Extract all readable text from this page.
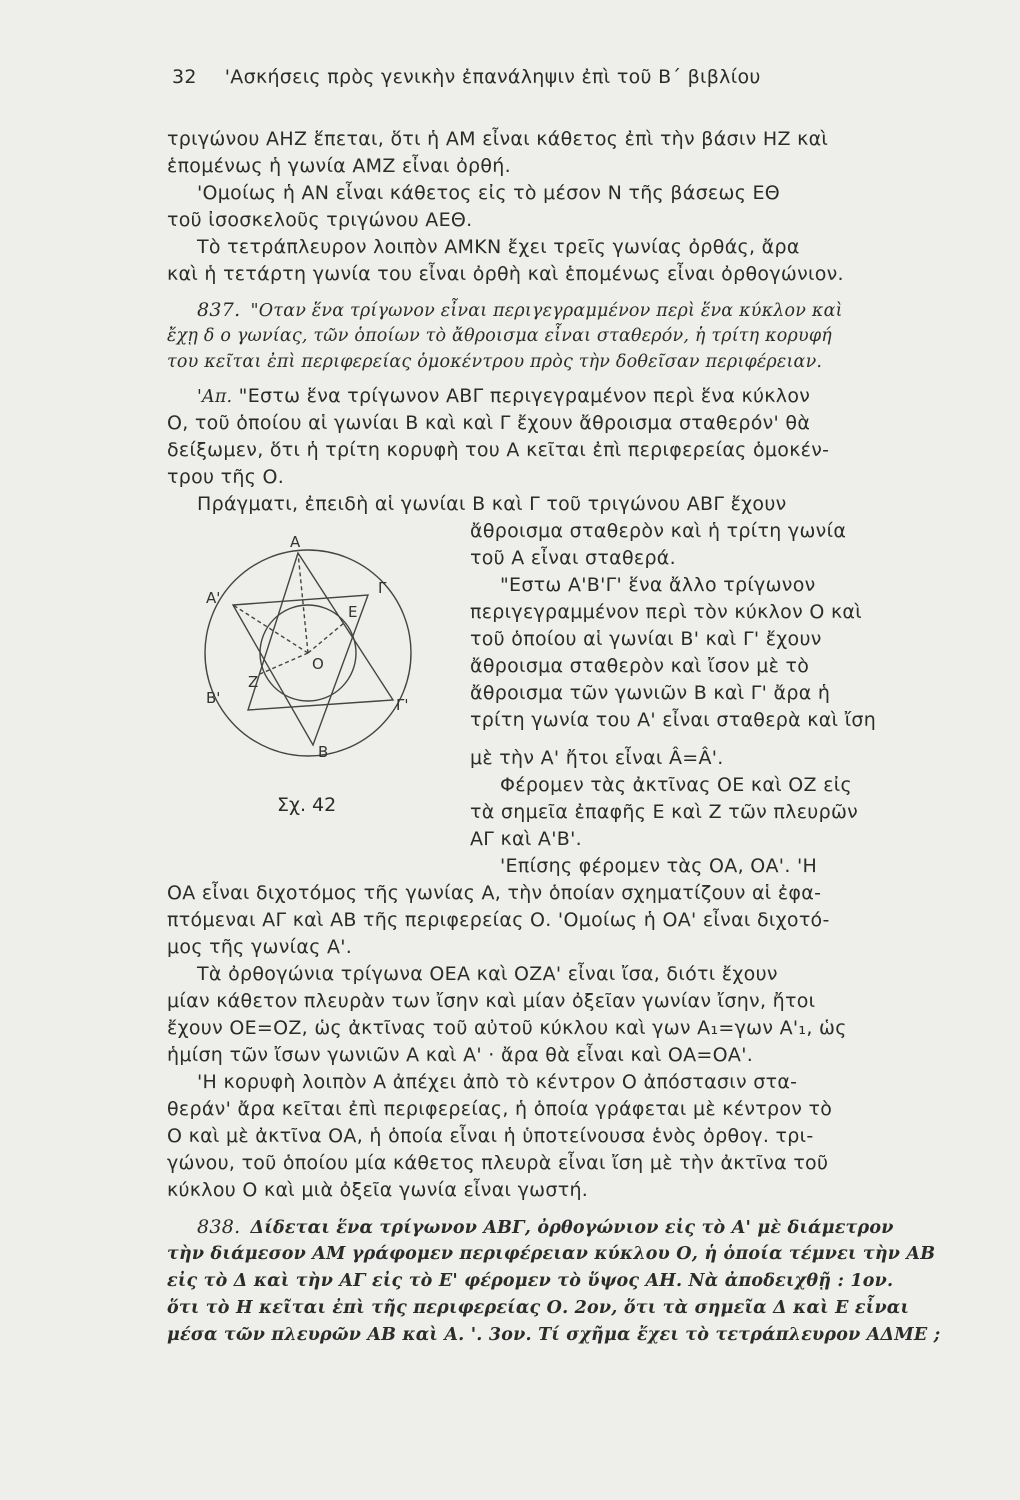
32 'Ασκήσεις πρὸς γενικὴν ἐπανάληψιν ἐπὶ τοῦ Β΄ βιβλίου
τριγώνου ΑΗΖ ἕπεται, ὅτι ἡ ΑΜ εἶναι κάθετος ἐπὶ τὴν βάσιν ΗΖ καὶ
ἑπομένως ἡ γωνία ΑΜΖ εἶναι ὀρθή.
'Ομοίως ἡ ΑΝ εἶναι κάθετος εἰς τὸ μέσον Ν τῆς βάσεως ΕΘ
τοῦ ἰσοσκελοῦς τριγώνου ΑΕΘ.
Τὸ τετράπλευρον λοιπὸν ΑΜΚΝ ἔχει τρεῖς γωνίας ὀρθάς, ἄρα
καὶ ἡ τετάρτη γωνία του εἶναι ὀρθὴ καὶ ἑπομένως εἶναι ὀρθογώνιον.
837. "Οταν ἕνα τρίγωνον εἶναι περιγεγραμμένον περὶ ἕνα κύκλον καὶ
ἔχῃ δ ο γωνίας, τῶν ὁποίων τὸ ἄθροισμα εἶναι σταθερόν, ἡ τρίτη κορυφή
του κεῖται ἐπὶ περιφερείας ὁμοκέντρου πρὸς τὴν δοθεῖσαν περιφέρειαν.
'Απ. "Εστω ἕνα τρίγωνον ΑΒΓ περιγεγραμένον περὶ ἕνα κύκλον
Ο, τοῦ ὁποίου αἱ γωνίαι Β καὶ καὶ Γ ἔχουν ἄθροισμα σταθερόν' θὰ
δείξωμεν, ὅτι ἡ τρίτη κορυφὴ του Α κεῖται ἐπὶ περιφερείας ὁμοκέν-
τρου τῆς Ο.
Πράγματι, ἐπειδὴ αἱ γωνίαι Β καὶ Γ τοῦ τριγώνου ΑΒΓ ἔχουν
Α
Α'
Γ
Γ'
Β
Β'
Ε
Ζ
Ο
Σχ. 42
ἄθροισμα σταθερὸν καὶ ἡ τρίτη γωνία
τοῦ Α εἶναι σταθερά.
"Εστω Α'Β'Γ' ἕνα ἄλλο τρίγωνον
περιγεγραμμένον περὶ τὸν κύκλον Ο καὶ
τοῦ ὁποίου αἱ γωνίαι Β' καὶ Γ' ἔχουν
ἄθροισμα σταθερὸν καὶ ἴσον μὲ τὸ
ἄθροισμα τῶν γωνιῶν Β καὶ Γ' ἄρα ἡ
τρίτη γωνία του Α' εἶναι σταθερὰ καὶ ἴση
μὲ τὴν Α' ἤτοι εἶναι Â=Â'.
Φέρομεν τὰς ἀκτῖνας ΟΕ καὶ ΟΖ εἰς
τὰ σημεῖα ἐπαφῆς Ε καὶ Ζ τῶν πλευρῶν
ΑΓ καὶ Α'Β'.
'Επίσης φέρομεν τὰς ΟΑ, ΟΑ'. 'Η
ΟΑ εἶναι διχοτόμος τῆς γωνίας Α, τὴν ὁποίαν σχηματίζουν αἱ ἐφα-
πτόμεναι ΑΓ καὶ ΑΒ τῆς περιφερείας Ο. 'Ομοίως ἡ ΟΑ' εἶναι διχοτό-
μος τῆς γωνίας Α'.
Τὰ ὀρθογώνια τρίγωνα ΟΕΑ καὶ ΟΖΑ' εἶναι ἴσα, διότι ἔχουν
μίαν κάθετον πλευρὰν των ἴσην καὶ μίαν ὀξεῖαν γωνίαν ἴσην, ἤτοι
ἔχουν ΟΕ=ΟΖ, ὡς ἀκτῖνας τοῦ αὐτοῦ κύκλου καὶ γων Α₁=γων Α'₁, ὡς
ἡμίση τῶν ἴσων γωνιῶν Α καὶ Α' · ἄρα θὰ εἶναι καὶ ΟΑ=ΟΑ'.
'Η κορυφὴ λοιπὸν Α ἀπέχει ἀπὸ τὸ κέντρον Ο ἀπόστασιν στα-
θεράν' ἄρα κεῖται ἐπὶ περιφερείας, ἡ ὁποία γράφεται μὲ κέντρον τὸ
Ο καὶ μὲ ἀκτῖνα ΟΑ, ἡ ὁποία εἶναι ἡ ὑποτείνουσα ἑνὸς ὀρθογ. τρι-
γώνου, τοῦ ὁποίου μία κάθετος πλευρὰ εἶναι ἴση μὲ τὴν ἀκτῖνα τοῦ
κύκλου Ο καὶ μιὰ ὀξεῖα γωνία εἶναι γωστή.
838. Δίδεται ἕνα τρίγωνον ΑΒΓ, ὀρθογώνιον εἰς τὸ Α' μὲ διάμετρον
τὴν διάμεσον ΑΜ γράφομεν περιφέρειαν κύκλου Ο, ἡ ὁποία τέμνει τὴν ΑΒ
εἰς τὸ Δ καὶ τὴν ΑΓ εἰς τὸ Ε' φέρομεν τὸ ὕψος ΑΗ. Νὰ ἀποδειχθῇ : 1ον.
ὅτι τὸ Η κεῖται ἐπὶ τῆς περιφερείας Ο. 2ον, ὅτι τὰ σημεῖα Δ καὶ Ε εἶναι
μέσα τῶν πλευρῶν ΑΒ καὶ Α. '. 3ον. Τί σχῆμα ἔχει τὸ τετράπλευρον ΑΔΜΕ ;
